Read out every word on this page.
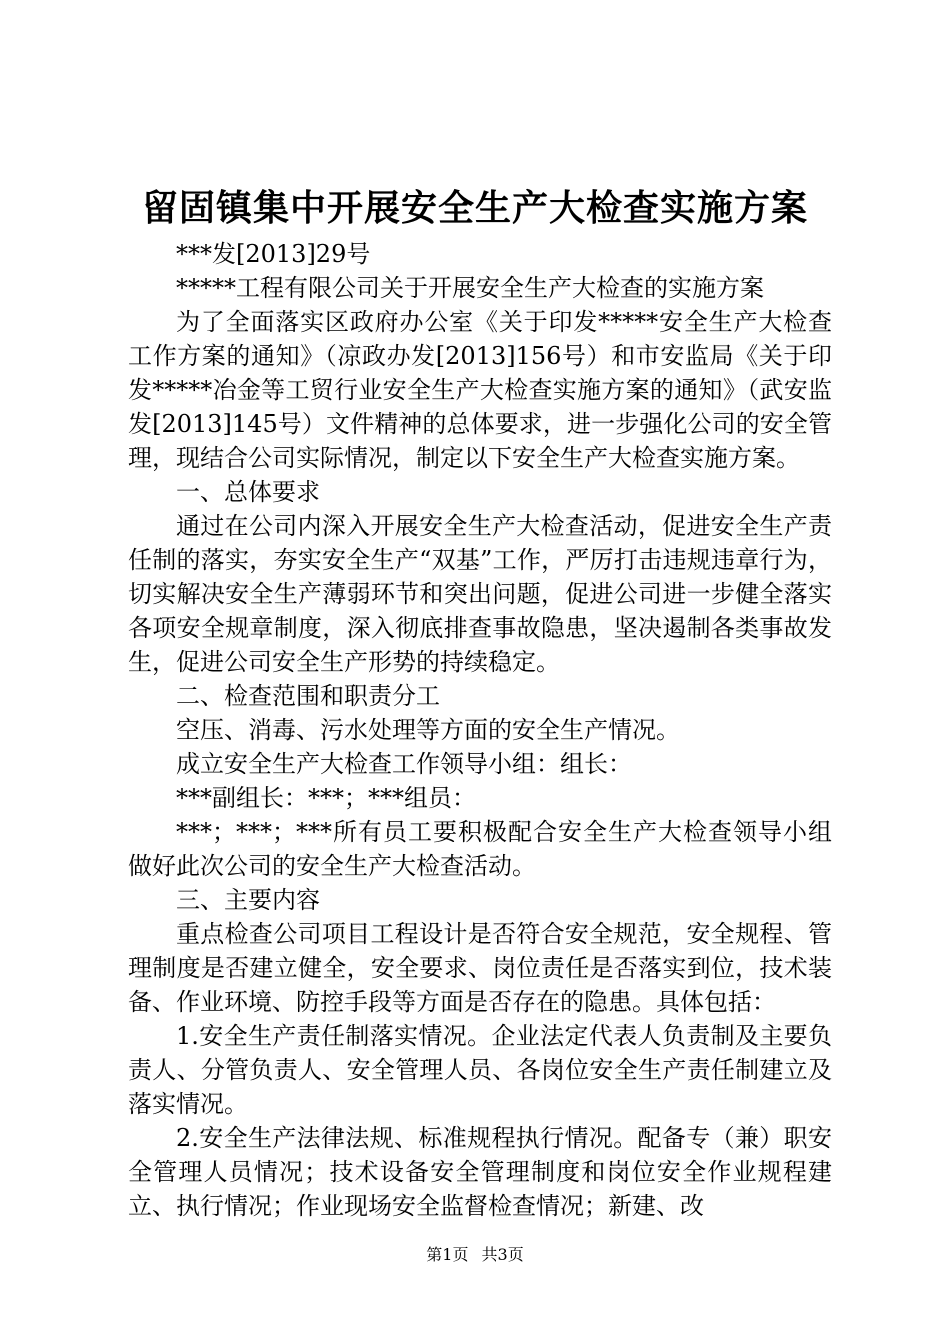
留固镇集中开展安全生产大检查实施方案

***发[2013]29号

*****工程有限公司关于开展安全生产大检查的实施方案

为了全面落实区政府办公室《关于印发*****安全生产大检查工作方案的通知》（凉政办发[2013]156号）和市安监局《关于印发*****冶金等工贸行业安全生产大检查实施方案的通知》（武安监发[2013]145号）文件精神的总体要求，进一步强化公司的安全管理，现结合公司实际情况，制定以下安全生产大检查实施方案。

一、总体要求

通过在公司内深入开展安全生产大检查活动，促进安全生产责任制的落实，夯实安全生产“双基”工作，严厉打击违规违章行为，切实解决安全生产薄弱环节和突出问题，促进公司进一步健全落实各项安全规章制度，深入彻底排查事故隐患，坚决遏制各类事故发生，促进公司安全生产形势的持续稳定。

二、检查范围和职责分工

空压、消毒、污水处理等方面的安全生产情况。

成立安全生产大检查工作领导小组：组长：

***副组长：***；***组员：

***；***；***所有员工要积极配合安全生产大检查领导小组做好此次公司的安全生产大检查活动。

三、主要内容

重点检查公司项目工程设计是否符合安全规范，安全规程、管理制度是否建立健全，安全要求、岗位责任是否落实到位，技术装备、作业环境、防控手段等方面是否存在的隐患。具体包括：

1.安全生产责任制落实情况。企业法定代表人负责制及主要负责人、分管负责人、安全管理人员、各岗位安全生产责任制建立及落实情况。

2.安全生产法律法规、标准规程执行情况。配备专（兼）职安全管理人员情况；技术设备安全管理制度和岗位安全作业规程建立、执行情况；作业现场安全监督检查情况；新建、改

第1页 共3页
